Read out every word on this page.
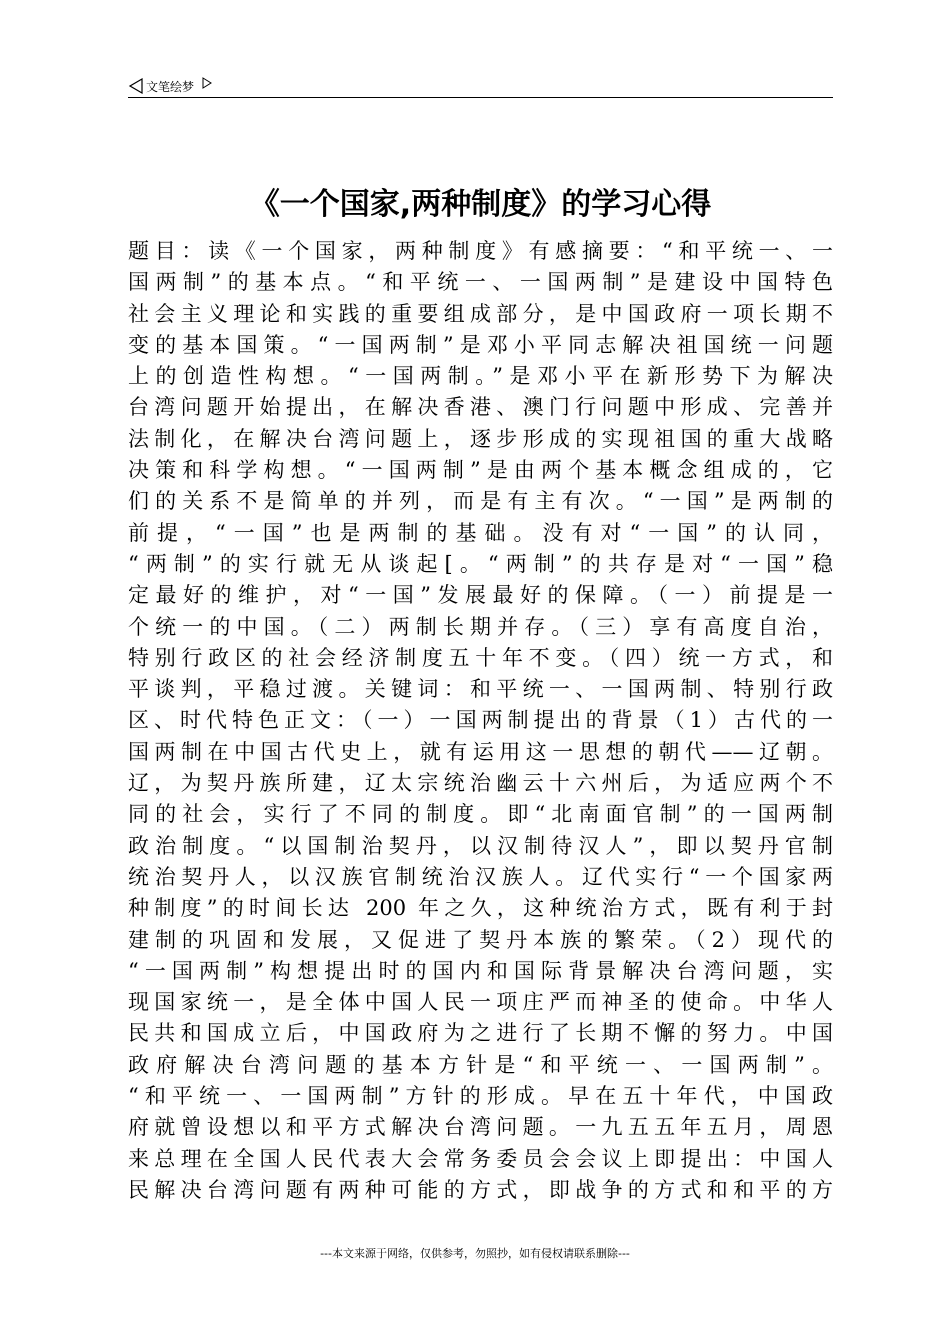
文笔绘梦
《一个国家,两种制度》的学习心得
题目：读《一个国家，两种制度》有感摘要：“和平统一、一
国两制”的基本点。“和平统一、一国两制”是建设中国特色
社会主义理论和实践的重要组成部分，是中国政府一项长期不
变的基本国策。“一国两制”是邓小平同志解决祖国统一问题
上的创造性构想。“一国两制。”是邓小平在新形势下为解决
台湾问题开始提出，在解决香港、澳门行问题中形成、完善并
法制化，在解决台湾问题上，逐步形成的实现祖国的重大战略
决策和科学构想。“一国两制”是由两个基本概念组成的，它
们的关系不是简单的并列，而是有主有次。“一国”是两制的
前提，“一国”也是两制的基础。没有对“一国”的认同，
“两制”的实行就无从谈起[。“两制”的共存是对“一国”稳
定最好的维护，对“一国”发展最好的保障。（一）前提是一
个统一的中国。（二）两制长期并存。（三）享有高度自治，
特别行政区的社会经济制度五十年不变。（四）统一方式，和
平谈判，平稳过渡。关键词：和平统一、一国两制、特别行政
区、时代特色正文：（一）一国两制提出的背景（1）古代的一
国两制在中国古代史上，就有运用这一思想的朝代——辽朝。
辽，为契丹族所建，辽太宗统治幽云十六州后，为适应两个不
同的社会，实行了不同的制度。即“北南面官制”的一国两制
政治制度。“以国制治契丹，以汉制待汉人”，即以契丹官制
统治契丹人，以汉族官制统治汉族人。辽代实行“一个国家两
种制度”的时间长达 200 年之久，这种统治方式，既有利于封
建制的巩固和发展，又促进了契丹本族的繁荣。（2）现代的
“一国两制”构想提出时的国内和国际背景解决台湾问题，实
现国家统一，是全体中国人民一项庄严而神圣的使命。中华人
民共和国成立后，中国政府为之进行了长期不懈的努力。中国
政府解决台湾问题的基本方针是“和平统一、一国两制”。
“和平统一、一国两制”方针的形成。早在五十年代，中国政
府就曾设想以和平方式解决台湾问题。一九五五年五月，周恩
来总理在全国人民代表大会常务委员会会议上即提出：中国人
民解决台湾问题有两种可能的方式，即战争的方式和和平的方
---本文来源于网络，仅供参考，勿照抄，如有侵权请联系删除---
